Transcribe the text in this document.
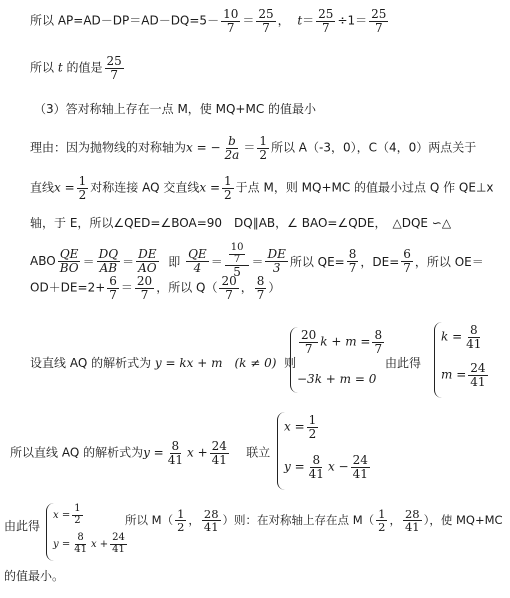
所以 $AP=AD-DP=AD-DQ=5- \frac{10}{7} = \frac{25}{7}$ ， $t= \frac{25}{7} \div 1= \frac{25}{7}$
所以 t 的值是 $\frac{25}{7}$
（3）答对称轴上存在一点 M，使 MQ+MC 的值最小
理由：因为抛物线的对称轴为x = − $\frac{b}{2a} = \frac{1}{2}$ 所以 A（-3，0），C（4，0）两点关于
直线$x = \frac{1}{2}$ 对称连接 AQ 交直线$x = \frac{1}{2}$ 于点 M，则 MQ+MC 的值最小过点 Q 作 QE⊥x
轴，于 E，所以∠QED=∠BOA=90　DQ∥AB，∠ BAO=∠QDE，　△DQE ∽△
ABO
QE
BO ＝
DQ
AB ＝
DE
AO
即

QE
$4 = \frac{10}{7}$
5
＝
DE
3 所以 $QE= \frac{8}{7}$ ，$DE= \frac{6}{7}$ ，所以 OE＝
$OD+DE=2+ \frac{6}{7} = \frac{20}{7}$ ，所以 $Q( \frac{20}{7}$ ， $\frac{8}{7}$ ）
设直线 AQ 的解析式为 y = kx + m　(k ≠ 0) 则
$\frac{20}{7}$ $k + m = \frac{8}{7}$
−3k + m = 0
由此得
$k = \frac{8}{41}$
$m = \frac{24}{41}$
所以直线 AQ 的解析式为$y = \frac{8}{41}$ $x + \frac{24}{41}$ 联立
$x = \frac{1}{2}$
$y = \frac{8}{41}$ $x - \frac{24}{41}$
由此得
$x = \frac{1}{2}$
$y = \frac{8}{41}$ $x + \frac{24}{41}$
所以 $M( \frac{1}{2}$ ， $\frac{28}{41}$ ）则：在对称轴上存在点 $M( \frac{1}{2}$ ， $\frac{28}{41}$ ），使 MQ+MC
的值最小。
